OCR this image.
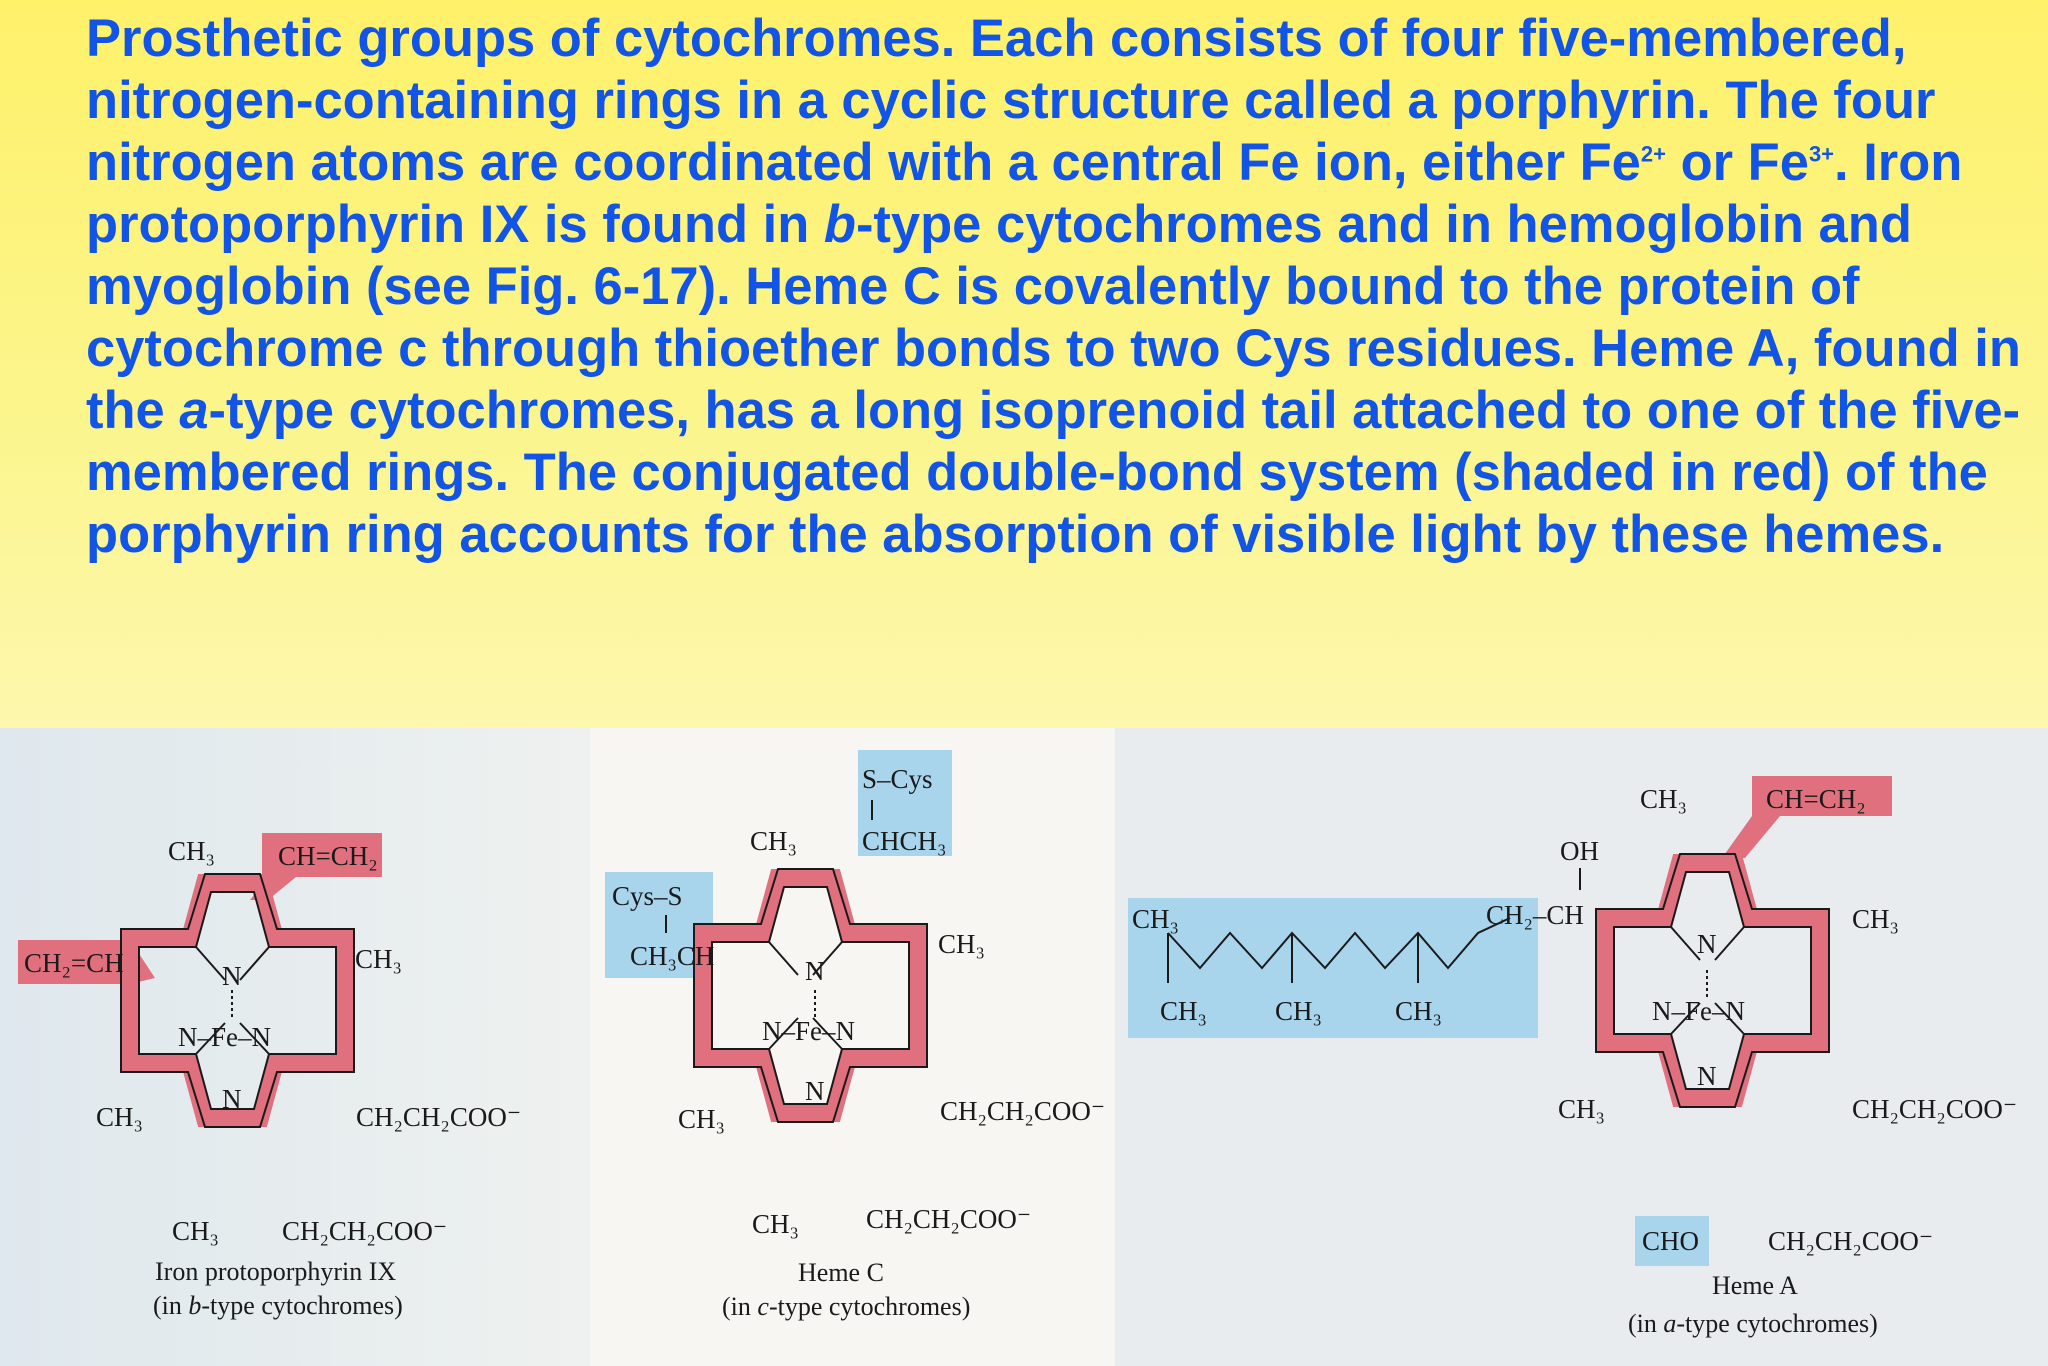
Prosthetic groups of cytochromes. Each consists of four five-membered, nitrogen-containing rings in a cyclic structure called a porphyrin. The four nitrogen atoms are coordinated with a central Fe ion, either $Fe^{2+}$ or $Fe^{3+}$. Iron protoporphyrin IX is found in b-type cytochromes and in hemoglobin and myoglobin (see Fig. 6-17). Heme C is covalently bound to the protein of cytochrome c through thioether bonds to two Cys residues. Heme A, found in the a-type cytochromes, has a long isoprenoid tail attached to one of the five-membered rings. The conjugated double-bond system (shaded in red) of the porphyrin ring accounts for the absorption of visible light by these hemes.
N
N–Fe–N
N
CH₃ CH=CH₂
CH₂=CH	CH₃
CH₃	CH₂CH₂COO⁻
CH₃ CH₂CH₂COO⁻
Iron protoporphyrin IX
(in b-type cytochromes)
N
N–Fe–N
N
S–Cys
CHCH₃
CH₃
Cys–S
CH₃CH	CH₃
CH₃	CH₂CH₂COO⁻
CH₃ CH₂CH₂COO⁻
Heme C
(in c-type cytochromes)
N
N–Fe–N
N
CH₃
CH₃	CH₃	CH₃
OH
CH₂–CH
CH₃	CH=CH₂
CH₃
CH₃	CH₂CH₂COO⁻
CHO	CH₂CH₂COO⁻
Heme A
(in a-type cytochromes)
